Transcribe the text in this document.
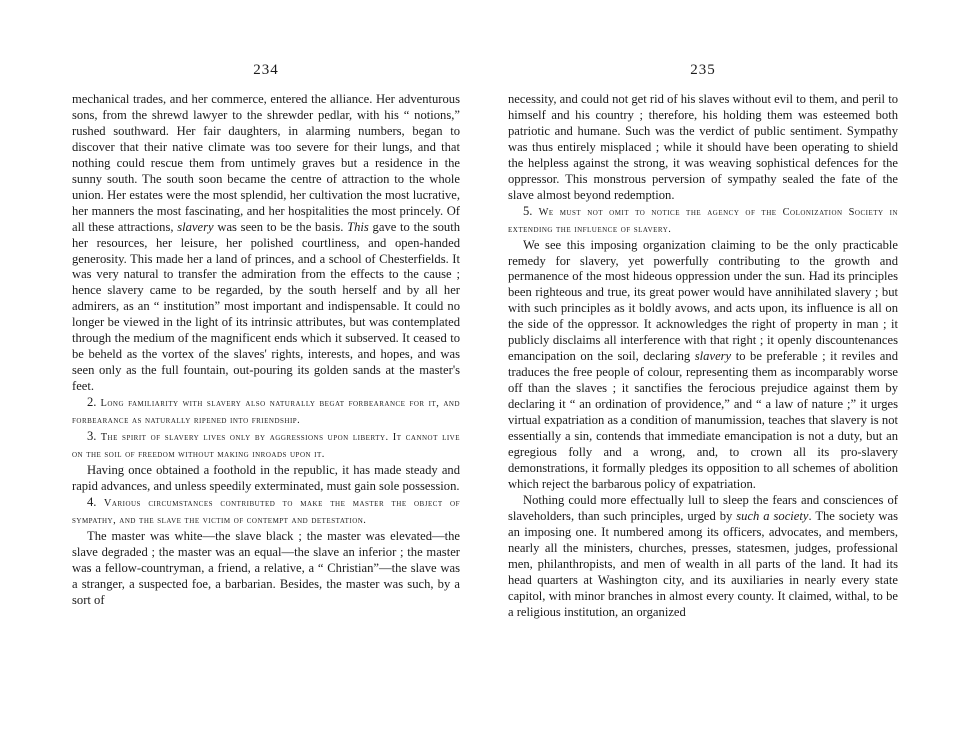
234

mechanical trades, and her commerce, entered the alliance. Her adventurous sons, from the shrewd lawyer to the shrewder pedlar, with his “ notions,” rushed southward. Her fair daughters, in alarming numbers, began to discover that their native climate was too severe for their lungs, and that nothing could rescue them from untimely graves but a residence in the sunny south. The south soon became the centre of attraction to the whole union. Her estates were the most splendid, her cultivation the most lucrative, her manners the most fascinating, and her hospitalities the most princely. Of all these attractions, slavery was seen to be the basis. This gave to the south her resources, her leisure, her polished courtliness, and open-handed generosity. This made her a land of princes, and a school of Chesterfields. It was very natural to transfer the admiration from the effects to the cause ; hence slavery came to be regarded, by the south herself and by all her admirers, as an “ institution” most important and indispensable. It could no longer be viewed in the light of its intrinsic attributes, but was contemplated through the medium of the magnificent ends which it subserved. It ceased to be beheld as the vortex of the slaves' rights, interests, and hopes, and was seen only as the full fountain, out-pouring its golden sands at the master's feet.

2. Long familiarity with slavery also naturally begat forbearance for it, and forbearance as naturally ripened into friendship.

3. The spirit of slavery lives only by aggressions upon liberty. It cannot live on the soil of freedom without making inroads upon it.

Having once obtained a foothold in the republic, it has made steady and rapid advances, and unless speedily exterminated, must gain sole possession.

4. Various circumstances contributed to make the master the object of sympathy, and the slave the victim of contempt and detestation.

The master was white—the slave black ; the master was elevated—the slave degraded ; the master was an equal—the slave an inferior ; the master was a fellow-countryman, a friend, a relative, a “ Christian”—the slave was a stranger, a suspected foe, a barbarian. Besides, the master was such, by a sort of

235

necessity, and could not get rid of his slaves without evil to them, and peril to himself and his country ; therefore, his holding them was esteemed both patriotic and humane. Such was the verdict of public sentiment. Sympathy was thus entirely misplaced ; while it should have been operating to shield the helpless against the strong, it was weaving sophistical defences for the oppressor. This monstrous perversion of sympathy sealed the fate of the slave almost beyond redemption.

5. We must not omit to notice the agency of the Colonization Society in extending the influence of slavery.

We see this imposing organization claiming to be the only practicable remedy for slavery, yet powerfully contributing to the growth and permanence of the most hideous oppression under the sun. Had its principles been righteous and true, its great power would have annihilated slavery ; but with such principles as it boldly avows, and acts upon, its influence is all on the side of the oppressor. It acknowledges the right of property in man ; it publicly disclaims all interference with that right ; it openly discountenances emancipation on the soil, declaring slavery to be preferable ; it reviles and traduces the free people of colour, representing them as incomparably worse off than the slaves ; it sanctifies the ferocious prejudice against them by declaring it “ an ordination of providence,” and “ a law of nature ;” it urges virtual expatriation as a condition of manumission, teaches that slavery is not essentially a sin, contends that immediate emancipation is not a duty, but an egregious folly and a wrong, and, to crown all its pro-slavery demonstrations, it formally pledges its opposition to all schemes of abolition which reject the barbarous policy of expatriation.

Nothing could more effectually lull to sleep the fears and consciences of slaveholders, than such principles, urged by such a society. The society was an imposing one. It numbered among its officers, advocates, and members, nearly all the ministers, churches, presses, statesmen, judges, professional men, philanthropists, and men of wealth in all parts of the land. It had its head quarters at Washington city, and its auxiliaries in nearly every state capitol, with minor branches in almost every county. It claimed, withal, to be a religious institution, an organized
